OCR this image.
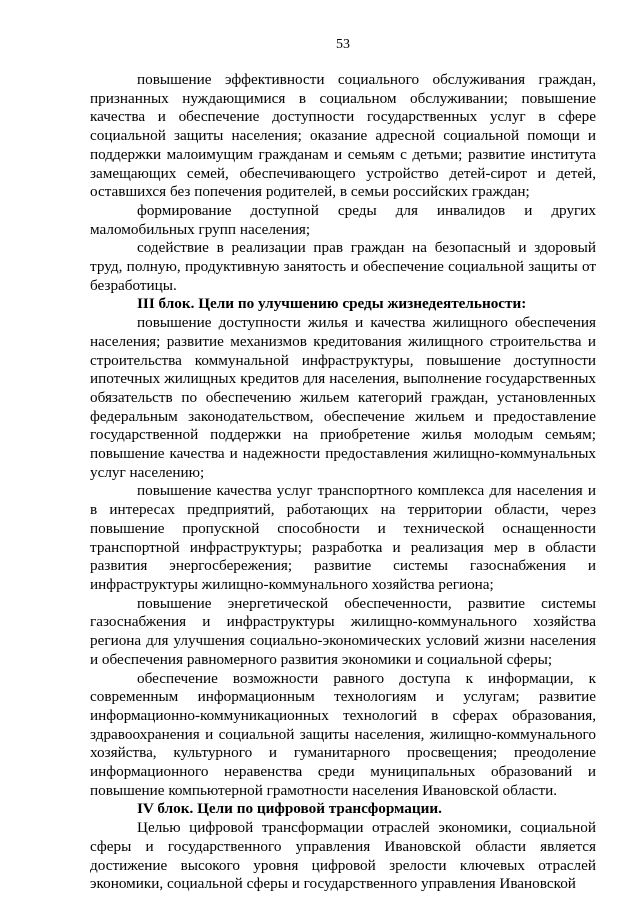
53

повышение эффективности социального обслуживания граждан, признанных нуждающимися в социальном обслуживании; повышение качества и обеспечение доступности государственных услуг в сфере социальной защиты населения; оказание адресной социальной помощи и поддержки малоимущим гражданам и семьям с детьми; развитие института замещающих семей, обеспечивающего устройство детей-сирот и детей, оставшихся без попечения родителей, в семьи российских граждан;

формирование доступной среды для инвалидов и других маломобильных групп населения;

содействие в реализации прав граждан на безопасный и здоровый труд, полную, продуктивную занятость и обеспечение социальной защиты от безработицы.

III блок. Цели по улучшению среды жизнедеятельности:

повышение доступности жилья и качества жилищного обеспечения населения; развитие механизмов кредитования жилищного строительства и строительства коммунальной инфраструктуры, повышение доступности ипотечных жилищных кредитов для населения, выполнение государственных обязательств по обеспечению жильем категорий граждан, установленных федеральным законодательством, обеспечение жильем и предоставление государственной поддержки на приобретение жилья молодым семьям; повышение качества и надежности предоставления жилищно-коммунальных услуг населению;

повышение качества услуг транспортного комплекса для населения и в интересах предприятий, работающих на территории области, через повышение пропускной способности и технической оснащенности транспортной инфраструктуры; разработка и реализация мер в области развития энергосбережения; развитие системы газоснабжения и инфраструктуры жилищно-коммунального хозяйства региона;

повышение энергетической обеспеченности, развитие системы газоснабжения и инфраструктуры жилищно-коммунального хозяйства региона для улучшения социально-экономических условий жизни населения и обеспечения равномерного развития экономики и социальной сферы;

обеспечение возможности равного доступа к информации, к современным информационным технологиям и услугам; развитие информационно-коммуникационных технологий в сферах образования, здравоохранения и социальной защиты населения, жилищно-коммунального хозяйства, культурного и гуманитарного просвещения; преодоление информационного неравенства среди муниципальных образований и повышение компьютерной грамотности населения Ивановской области.

IV блок. Цели по цифровой трансформации.

Целью цифровой трансформации отраслей экономики, социальной сферы и государственного управления Ивановской области является достижение высокого уровня цифровой зрелости ключевых отраслей экономики, социальной сферы и государственного управления Ивановской
